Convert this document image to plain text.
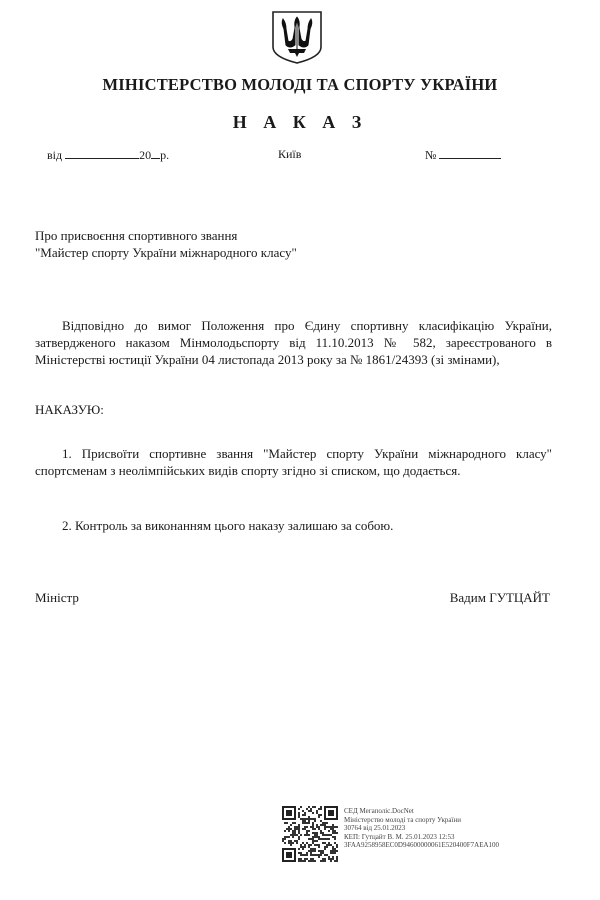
МІНІСТЕРСТВО МОЛОДІ ТА СПОРТУ УКРАЇНИ
Н А К А З
від	20 р.	Київ	№
Про присвоєння спортивного звання
"Майстер спорту України міжнародного класу"
Відповідно до вимог Положення про Єдину спортивну класифікацію України, затвердженого наказом Мінмолодьспорту від 11.10.2013 № 582, зареєстрованого в Міністерстві юстиції України 04 листопада 2013 року за № 1861/24393 (зі змінами),
НАКАЗУЮ:
1. Присвоїти спортивне звання "Майстер спорту України міжнародного класу" спортсменам з неолімпійських видів спорту згідно зі списком, що додається.
2. Контроль за виконанням цього наказу залишаю за собою.
Міністр	Вадим ГУТЦАЙТ
СЕД Мегаполіс.DocNet
Міністерство молоді та спорту України
30764 від 25.01.2023
КЕП: Гутцайт В. М. 25.01.2023 12:53
3FAA9258958EC0D94600000061E520400F7AEA100
